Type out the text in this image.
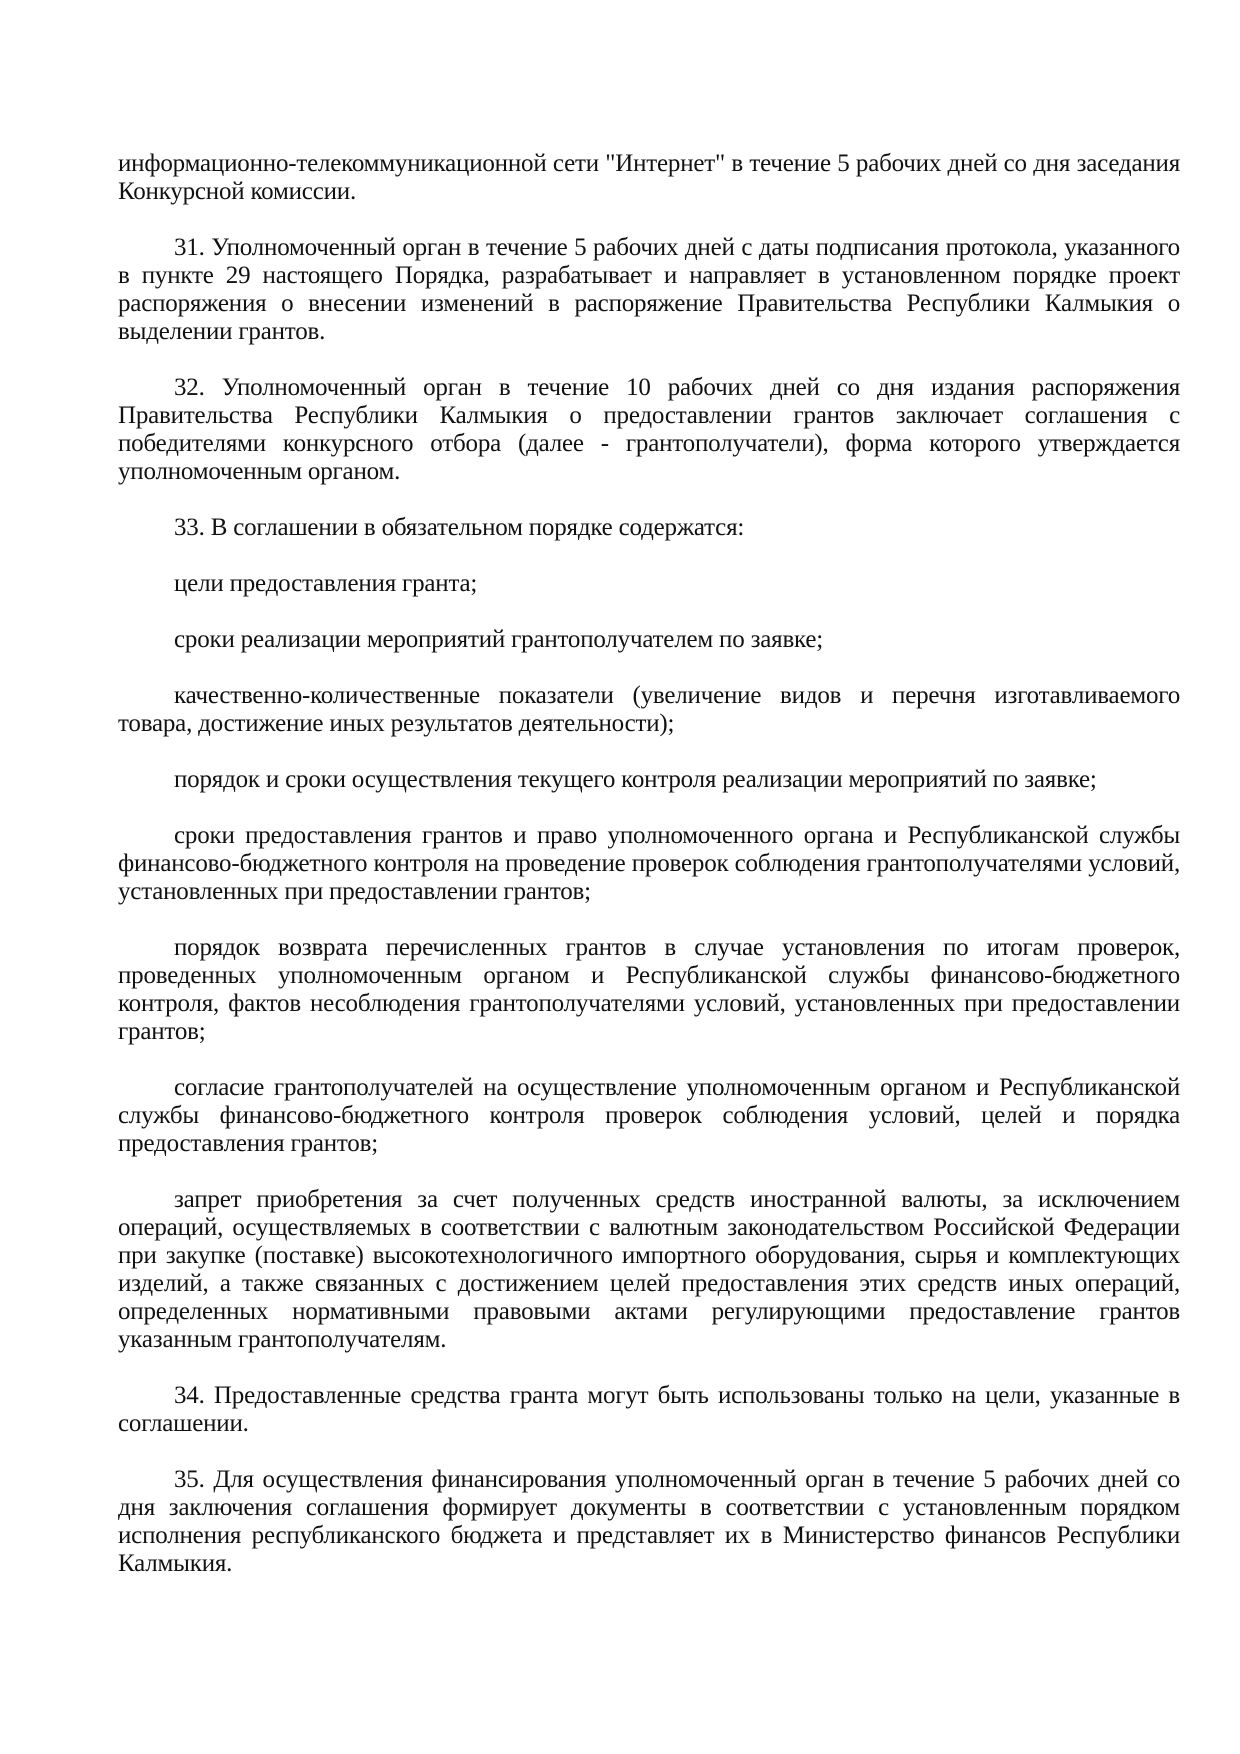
информационно-телекоммуникационной сети "Интернет" в течение 5 рабочих дней со дня заседания Конкурсной комиссии.

31. Уполномоченный орган в течение 5 рабочих дней с даты подписания протокола, указанного в пункте 29 настоящего Порядка, разрабатывает и направляет в установленном порядке проект распоряжения о внесении изменений в распоряжение Правительства Республики Калмыкия о выделении грантов.

32. Уполномоченный орган в течение 10 рабочих дней со дня издания распоряжения Правительства Республики Калмыкия о предоставлении грантов заключает соглашения с победителями конкурсного отбора (далее - грантополучатели), форма которого утверждается уполномоченным органом.

33. В соглашении в обязательном порядке содержатся:

цели предоставления гранта;

сроки реализации мероприятий грантополучателем по заявке;

качественно-количественные показатели (увеличение видов и перечня изготавливаемого товара, достижение иных результатов деятельности);

порядок и сроки осуществления текущего контроля реализации мероприятий по заявке;

сроки предоставления грантов и право уполномоченного органа и Республиканской службы финансово-бюджетного контроля на проведение проверок соблюдения грантополучателями условий, установленных при предоставлении грантов;

порядок возврата перечисленных грантов в случае установления по итогам проверок, проведенных уполномоченным органом и Республиканской службы финансово-бюджетного контроля, фактов несоблюдения грантополучателями условий, установленных при предоставлении грантов;

согласие грантополучателей на осуществление уполномоченным органом и Республиканской службы финансово-бюджетного контроля проверок соблюдения условий, целей и порядка предоставления грантов;

запрет приобретения за счет полученных средств иностранной валюты, за исключением операций, осуществляемых в соответствии с валютным законодательством Российской Федерации при закупке (поставке) высокотехнологичного импортного оборудования, сырья и комплектующих изделий, а также связанных с достижением целей предоставления этих средств иных операций, определенных нормативными правовыми актами регулирующими предоставление грантов указанным грантополучателям.

34. Предоставленные средства гранта могут быть использованы только на цели, указанные в соглашении.

35. Для осуществления финансирования уполномоченный орган в течение 5 рабочих дней со дня заключения соглашения формирует документы в соответствии с установленным порядком исполнения республиканского бюджета и представляет их в Министерство финансов Республики Калмыкия.
